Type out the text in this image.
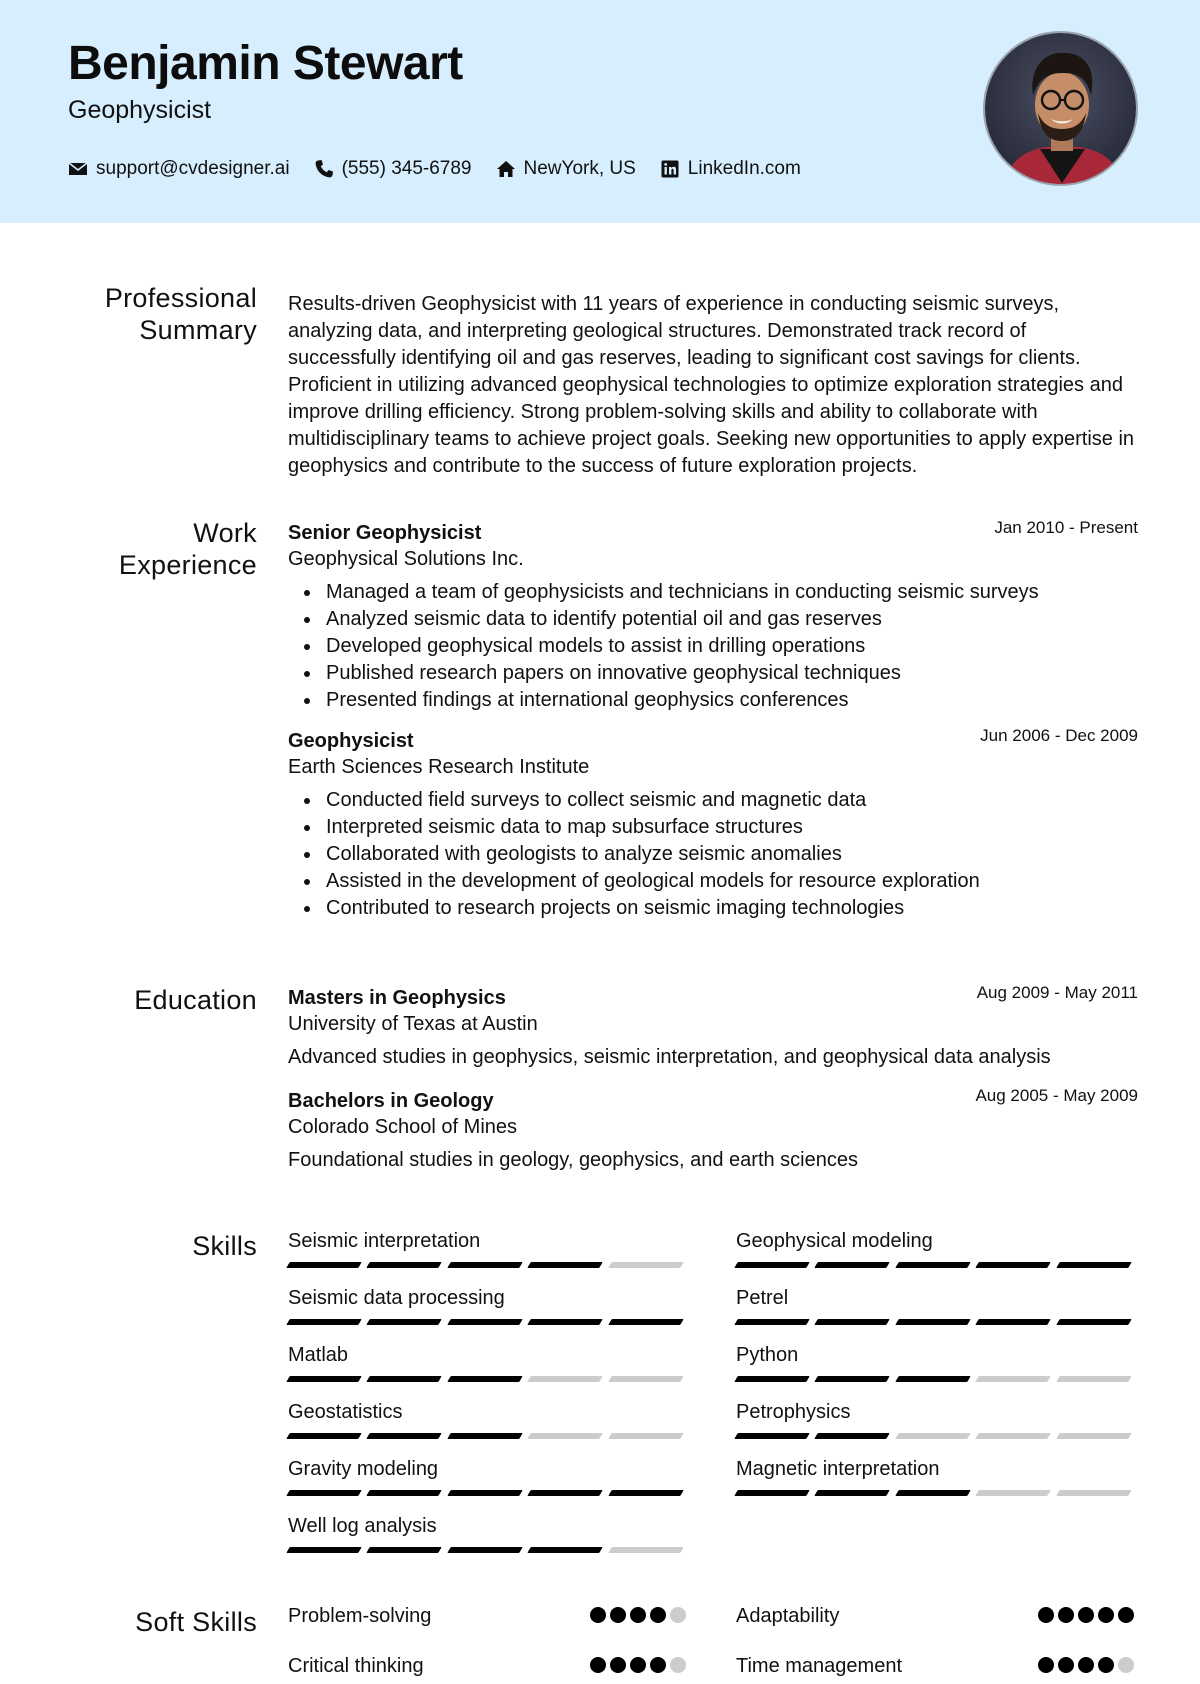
Benjamin Stewart
Geophysicist
support@cvdesigner.ai	(555) 345-6789	NewYork, US	LinkedIn.com
Professional
Summary

Results-driven Geophysicist with 11 years of experience in conducting seismic surveys, analyzing data, and interpreting geological structures. Demonstrated track record of successfully identifying oil and gas reserves, leading to significant cost savings for clients. Proficient in utilizing advanced geophysical technologies to optimize exploration strategies and improve drilling efficiency. Strong problem-solving skills and ability to collaborate with multidisciplinary teams to achieve project goals. Seeking new opportunities to apply expertise in geophysics and contribute to the success of future exploration projects.

Work
Experience
Senior Geophysicist	Jan 2010 - Present
Geophysical Solutions Inc.
Managed a team of geophysicists and technicians in conducting seismic surveys
Analyzed seismic data to identify potential oil and gas reserves
Developed geophysical models to assist in drilling operations
Published research papers on innovative geophysical techniques
Presented findings at international geophysics conferences
Geophysicist	Jun 2006 - Dec 2009
Earth Sciences Research Institute
Conducted field surveys to collect seismic and magnetic data
Interpreted seismic data to map subsurface structures
Collaborated with geologists to analyze seismic anomalies
Assisted in the development of geological models for resource exploration
Contributed to research projects on seismic imaging technologies
Education Masters in Geophysics	Aug 2009 - May 2011
University of Texas at Austin
Advanced studies in geophysics, seismic interpretation, and geophysical data analysis
Bachelors in Geology	Aug 2005 - May 2009
Colorado School of Mines
Foundational studies in geology, geophysics, and earth sciences
Skills Seismic interpretation	Geophysical modeling
Seismic data processing	Petrel
Matlab	Python
Geostatistics	Petrophysics
Gravity modeling	Magnetic interpretation
Well log analysis
Soft Skills Problem-solving	Adaptability
Critical thinking	Time management
